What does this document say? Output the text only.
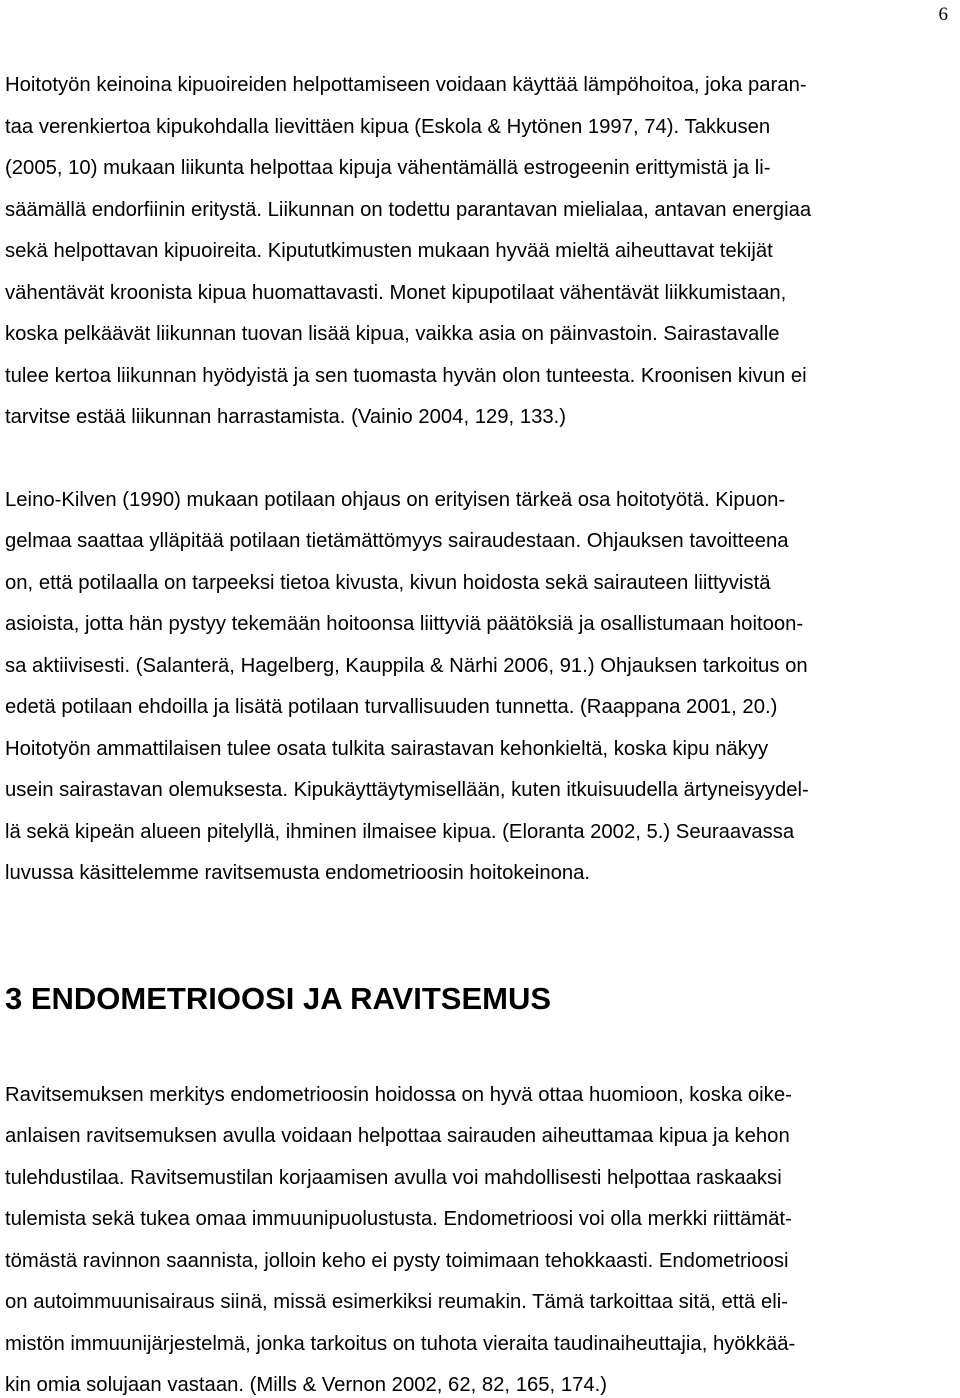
6

Hoitotyön keinoina kipuoireiden helpottamiseen voidaan käyttää lämpöhoitoa, joka paran-

taa verenkiertoa kipukohdalla lievittäen kipua (Eskola & Hytönen 1997, 74). Takkusen

(2005, 10) mukaan liikunta helpottaa kipuja vähentämällä estrogeenin erittymistä ja li-

säämällä endorfiinin eritystä. Liikunnan on todettu parantavan mielialaa, antavan energiaa

sekä helpottavan kipuoireita. Kipututkimusten mukaan hyvää mieltä aiheuttavat tekijät

vähentävät kroonista kipua huomattavasti. Monet kipupotilaat vähentävät liikkumistaan,

koska pelkäävät liikunnan tuovan lisää kipua, vaikka asia on päinvastoin. Sairastavalle

tulee kertoa liikunnan hyödyistä ja sen tuomasta hyvän olon tunteesta. Kroonisen kivun ei

tarvitse estää liikunnan harrastamista. (Vainio 2004, 129, 133.)

Leino-Kilven (1990) mukaan potilaan ohjaus on erityisen tärkeä osa hoitotyötä. Kipuon-

gelmaa saattaa ylläpitää potilaan tietämättömyys sairaudestaan. Ohjauksen tavoitteena

on, että potilaalla on tarpeeksi tietoa kivusta, kivun hoidosta sekä sairauteen liittyvistä

asioista, jotta hän pystyy tekemään hoitoonsa liittyviä päätöksiä ja osallistumaan hoitoon-

sa aktiivisesti. (Salanterä, Hagelberg, Kauppila & Närhi 2006, 91.) Ohjauksen tarkoitus on

edetä potilaan ehdoilla ja lisätä potilaan turvallisuuden tunnetta. (Raappana 2001, 20.)

Hoitotyön ammattilaisen tulee osata tulkita sairastavan kehonkieltä, koska kipu näkyy

usein sairastavan olemuksesta. Kipukäyttäytymisellään, kuten itkuisuudella ärtyneisyydel-

lä sekä kipeän alueen pitelyllä, ihminen ilmaisee kipua. (Eloranta 2002, 5.) Seuraavassa

luvussa käsittelemme ravitsemusta endometrioosin hoitokeinona.

3 ENDOMETRIOOSI JA RAVITSEMUS

Ravitsemuksen merkitys endometrioosin hoidossa on hyvä ottaa huomioon, koska oike-

anlaisen ravitsemuksen avulla voidaan helpottaa sairauden aiheuttamaa kipua ja kehon

tulehdustilaa. Ravitsemustilan korjaamisen avulla voi mahdollisesti helpottaa raskaaksi

tulemista sekä tukea omaa immuunipuolustusta. Endometrioosi voi olla merkki riittämät-

tömästä ravinnon saannista, jolloin keho ei pysty toimimaan tehokkaasti. Endometrioosi

on autoimmuunisairaus siinä, missä esimerkiksi reumakin. Tämä tarkoittaa sitä, että eli-

mistön immuunijärjestelmä, jonka tarkoitus on tuhota vieraita taudinaiheuttajia, hyökkää-

kin omia solujaan vastaan. (Mills & Vernon 2002, 62, 82, 165, 174.)
